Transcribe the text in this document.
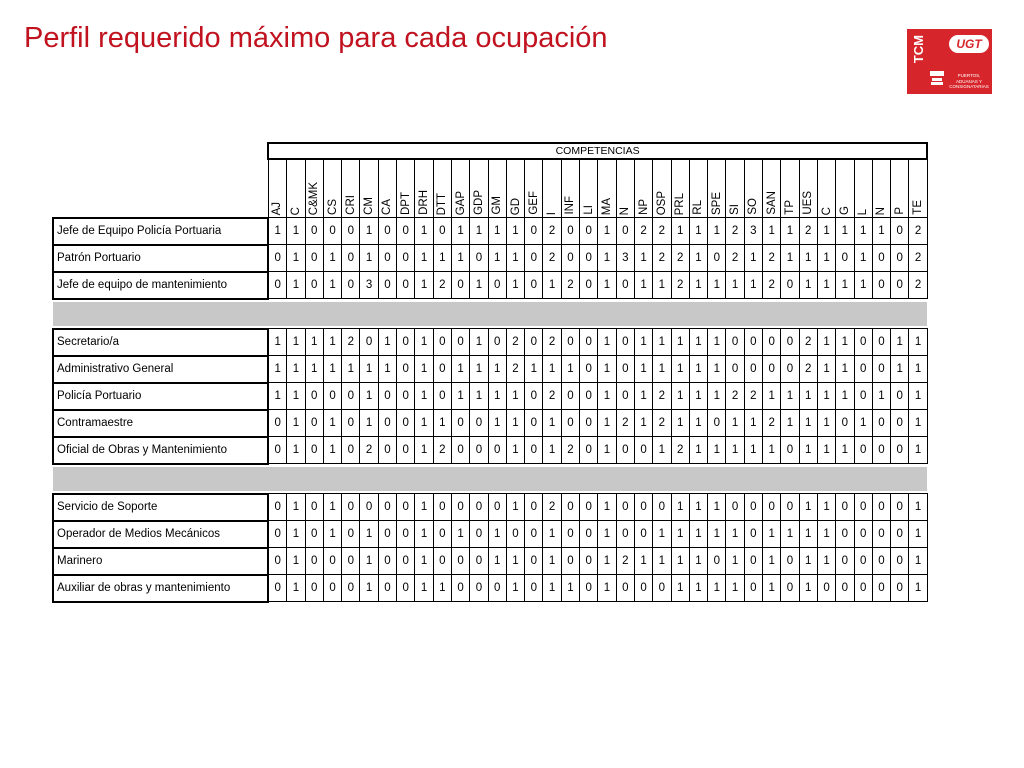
Perfil requerido máximo para cada ocupación	TCM	UGT
PUERTOS, ADUANAS Y CONSIGNATARIAS
	COMPETENCIAS																																			

	AJ	C	C&MK	CS	CRI	CM	CA	DPT	DRH	DTT	GAP	GDP	GM	GD	GEF	I	INF	LI	MA	N	NP	OSP	PRL	RL	SPE	SI	SO	SAN	TP	UES	C	G	L	N	P	TE

Jefe de Equipo Policía Portuaria	1	1	0	0	0	1	0	0	1	0	1	1	1	1	0	2	0	0	1	0	2	2	1	1	1	2	3	1	1	2	1	1	1	1	0	2
Patrón Portuario	0	1	0	1	0	1	0	0	1	1	1	0	1	1	0	2	0	0	1	3	1	2	2	1	0	2	1	2	1	1	1	0	1	0	0	2
Jefe de equipo de mantenimiento	0	1	0	1	0	3	0	0	1	2	0	1	0	1	0	1	2	0	1	0	1	1	2	1	1	1	1	2	0	1	1	1	1	0	0	2

Secretario/a	1	1	1	1	2	0	1	0	1	0	0	1	0	2	0	2	0	0	1	0	1	1	1	1	1	0	0	0	0	2	1	1	0	0	1	1
Administrativo General	1	1	1	1	1	1	1	0	1	0	1	1	1	2	1	1	1	0	1	0	1	1	1	1	1	0	0	0	0	2	1	1	0	0	1	1
Policía Portuario	1	1	0	0	0	1	0	0	1	0	1	1	1	1	0	2	0	0	1	0	1	2	1	1	1	2	2	1	1	1	1	1	0	1	0	1
Contramaestre	0	1	0	1	0	1	0	0	1	1	0	0	1	1	0	1	0	0	1	2	1	2	1	1	0	1	1	2	1	1	1	0	1	0	0	1
Oficial de Obras y Mantenimiento	0	1	0	1	0	2	0	0	1	2	0	0	0	1	0	1	2	0	1	0	0	1	2	1	1	1	1	1	0	1	1	1	0	0	0	1

Servicio de Soporte	0	1	0	1	0	0	0	0	1	0	0	0	0	1	0	2	0	0	1	0	0	0	1	1	1	0	0	0	0	1	1	0	0	0	0	1
Operador de Medios Mecánicos	0	1	0	1	0	1	0	0	1	0	1	0	1	0	0	1	0	0	1	0	0	1	1	1	1	1	0	1	1	1	1	0	0	0	0	1
Marinero	0	1	0	0	0	1	0	0	1	0	0	0	1	1	0	1	0	0	1	2	1	1	1	1	0	1	0	1	0	1	1	0	0	0	0	1
Auxiliar de obras y mantenimiento	0	1	0	0	0	1	0	0	1	1	0	0	0	1	0	1	1	0	1	0	0	0	1	1	1	1	0	1	0	1	0	0	0	0	0	1
